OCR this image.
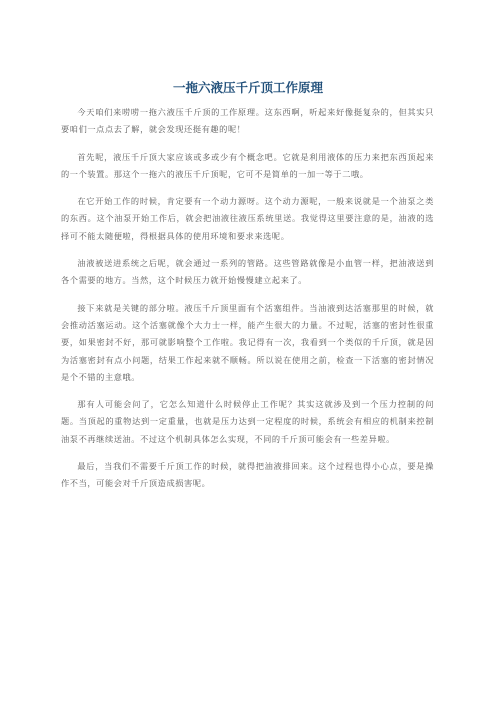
一拖六液压千斤顶工作原理

今天咱们来唠唠一拖六液压千斤顶的工作原理。这东西啊，听起来好像挺复杂的，但其实只要咱们一点点去了解，就会发现还挺有趣的呢！

首先呢，液压千斤顶大家应该或多或少有个概念吧。它就是利用液体的压力来把东西顶起来的一个装置。那这个一拖六的液压千斤顶呢，它可不是简单的一加一等于二哦。

在它开始工作的时候，肯定要有一个动力源呀。这个动力源呢，一般来说就是一个油泵之类的东西。这个油泵开始工作后，就会把油液往液压系统里送。我觉得这里要注意的是，油液的选择可不能太随便啦，得根据具体的使用环境和要求来选呢。

油液被送进系统之后呢，就会通过一系列的管路。这些管路就像是小血管一样，把油液送到各个需要的地方。当然，这个时候压力就开始慢慢建立起来了。

接下来就是关键的部分啦。液压千斤顶里面有个活塞组件。当油液到达活塞那里的时候，就会推动活塞运动。这个活塞就像个大力士一样，能产生很大的力量。不过呢，活塞的密封性很重要，如果密封不好，那可就影响整个工作啦。我记得有一次，我看到一个类似的千斤顶，就是因为活塞密封有点小问题，结果工作起来就不顺畅。所以说在使用之前，检查一下活塞的密封情况是个不错的主意哦。

那有人可能会问了，它怎么知道什么时候停止工作呢？其实这就涉及到一个压力控制的问题。当顶起的重物达到一定重量，也就是压力达到一定程度的时候，系统会有相应的机制来控制油泵不再继续送油。不过这个机制具体怎么实现，不同的千斤顶可能会有一些差异啦。

最后，当我们不需要千斤顶工作的时候，就得把油液排回来。这个过程也得小心点，要是操作不当，可能会对千斤顶造成损害呢。
